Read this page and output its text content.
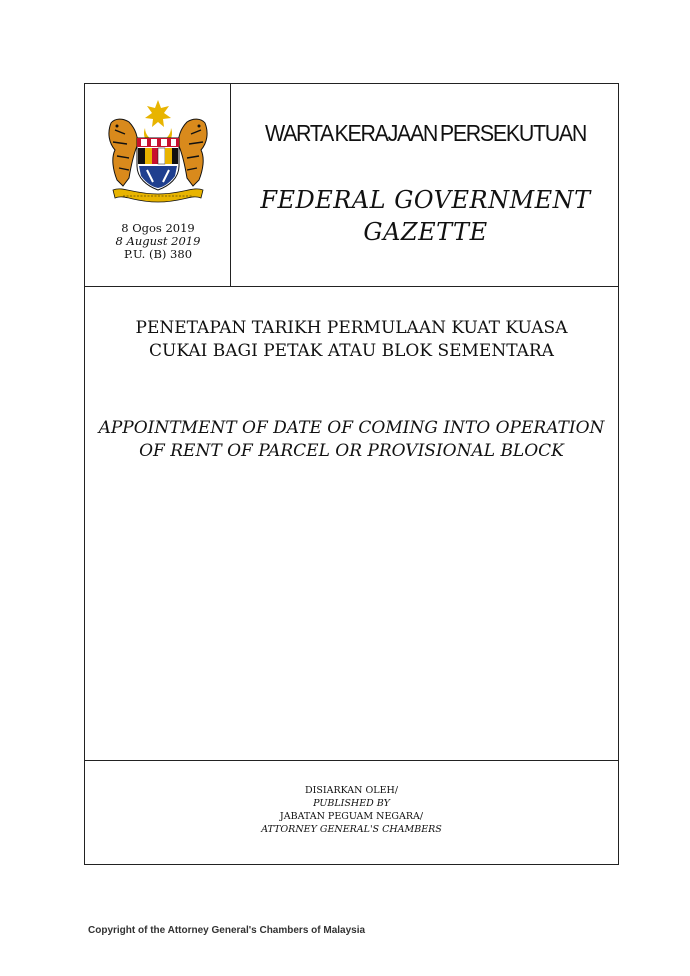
8 Ogos 2019
8 August 2019
P.U. (B) 380
WARTA KERAJAAN PERSEKUTUAN
FEDERAL GOVERNMENT
GAZETTE
PENETAPAN TARIKH PERMULAAN KUAT KUASA
CUKAI BAGI PETAK ATAU BLOK SEMENTARA
APPOINTMENT OF DATE OF COMING INTO OPERATION
OF RENT OF PARCEL OR PROVISIONAL BLOCK
DISIARKAN OLEH/
PUBLISHED BY
JABATAN PEGUAM NEGARA/
ATTORNEY GENERAL'S CHAMBERS
Copyright of the Attorney General's Chambers of Malaysia
